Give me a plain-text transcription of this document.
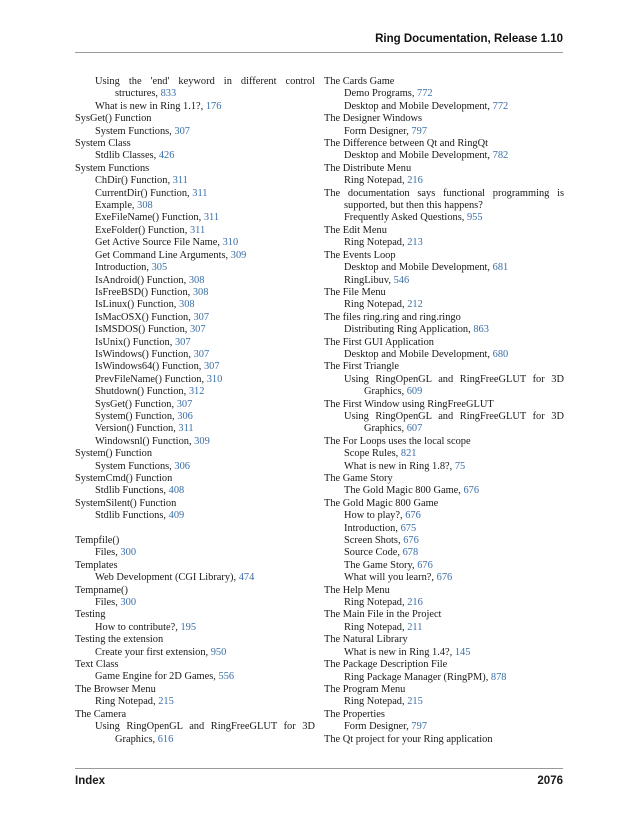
Ring Documentation, Release 1.10
Using the 'end' keyword in different control structures, 833
What is new in Ring 1.1?, 176
SysGet() Function
System Functions, 307
System Class
Stdlib Classes, 426
System Functions
ChDir() Function, 311
CurrentDir() Function, 311
Example, 308
ExeFileName() Function, 311
ExeFolder() Function, 311
Get Active Source File Name, 310
Get Command Line Arguments, 309
Introduction, 305
IsAndroid() Function, 308
IsFreeBSD() Function, 308
IsLinux() Function, 308
IsMacOSX() Function, 307
IsMSDOS() Function, 307
IsUnix() Function, 307
IsWindows() Function, 307
IsWindows64() Function, 307
PrevFileName() Function, 310
Shutdown() Function, 312
SysGet() Function, 307
System() Function, 306
Version() Function, 311
Windowsnl() Function, 309
System() Function
System Functions, 306
SystemCmd() Function
Stdlib Functions, 408
SystemSilent() Function
Stdlib Functions, 409
Tempfile()
Files, 300
Templates
Web Development (CGI Library), 474
Tempname()
Files, 300
Testing
How to contribute?, 195
Testing the extension
Create your first extension, 950
Text Class
Game Engine for 2D Games, 556
The Browser Menu
Ring Notepad, 215
The Camera
Using RingOpenGL and RingFreeGLUT for 3D Graphics, 616
The Cards Game
Demo Programs, 772
Desktop and Mobile Development, 772
The Designer Windows
Form Designer, 797
The Difference between Qt and RingQt
Desktop and Mobile Development, 782
The Distribute Menu
Ring Notepad, 216
The documentation says functional programming is supported, but then this happens?
Frequently Asked Questions, 955
The Edit Menu
Ring Notepad, 213
The Events Loop
Desktop and Mobile Development, 681
RingLibuv, 546
The File Menu
Ring Notepad, 212
The files ring.ring and ring.ringo
Distributing Ring Application, 863
The First GUI Application
Desktop and Mobile Development, 680
The First Triangle
Using RingOpenGL and RingFreeGLUT for 3D Graphics, 609
The First Window using RingFreeGLUT
Using RingOpenGL and RingFreeGLUT for 3D Graphics, 607
The For Loops uses the local scope
Scope Rules, 821
What is new in Ring 1.8?, 75
The Game Story
The Gold Magic 800 Game, 676
The Gold Magic 800 Game
How to play?, 676
Introduction, 675
Screen Shots, 676
Source Code, 678
The Game Story, 676
What will you learn?, 676
The Help Menu
Ring Notepad, 216
The Main File in the Project
Ring Notepad, 211
The Natural Library
What is new in Ring 1.4?, 145
The Package Description File
Ring Package Manager (RingPM), 878
The Program Menu
Ring Notepad, 215
The Properties
Form Designer, 797
The Qt project for your Ring application
Index	2076
